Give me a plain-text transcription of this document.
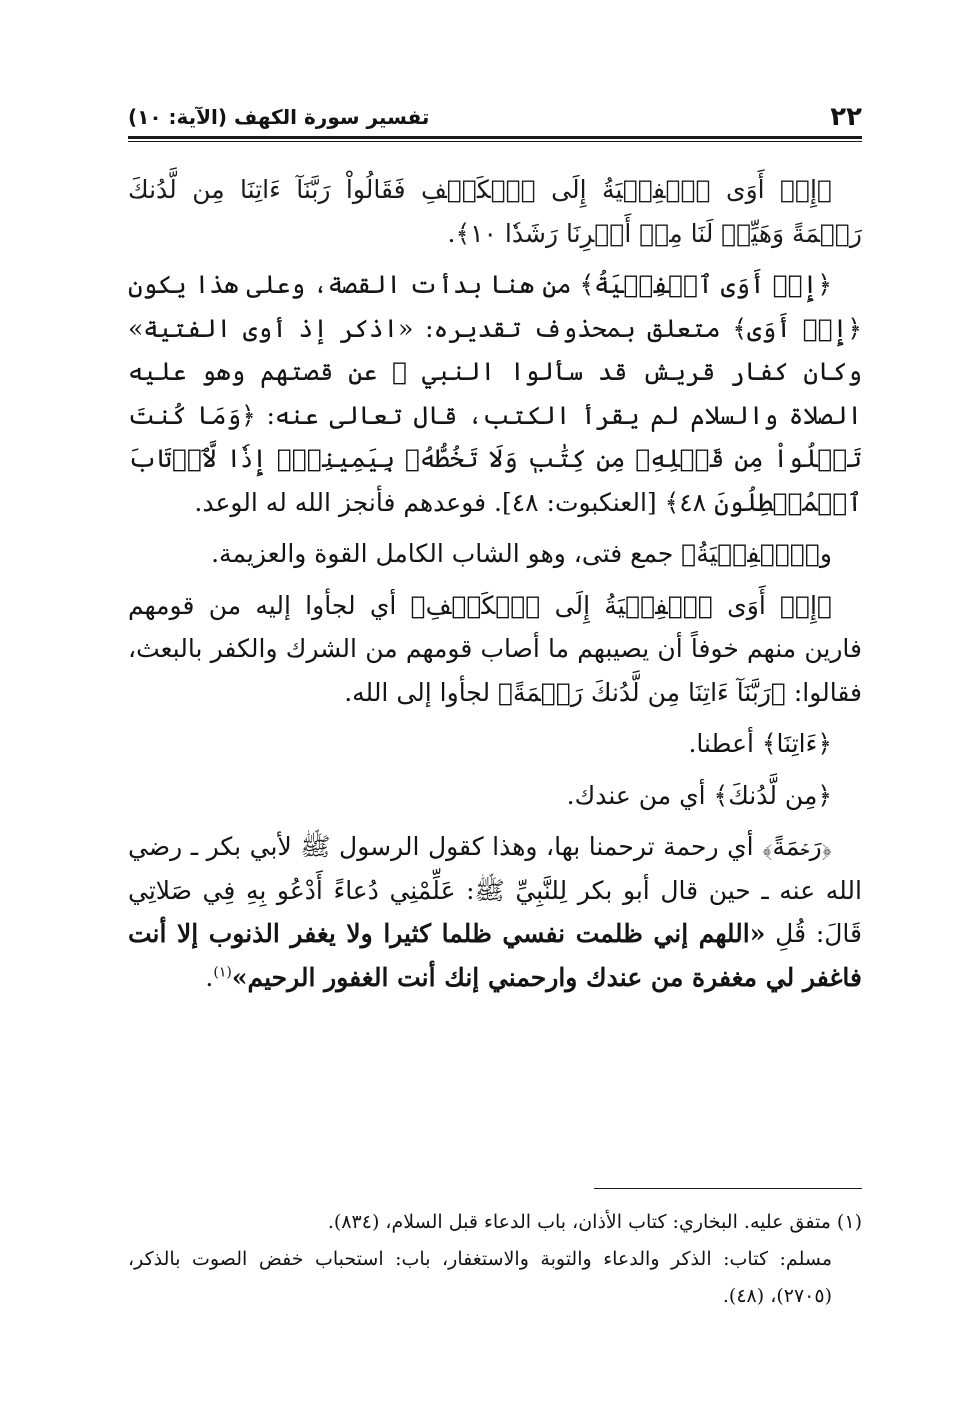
٢٢
تفسير سورة الكهف (الآية: ١٠)

﴿إِذۡ أَوَى ٱلۡفِتۡيَةُ إِلَى ٱلۡكَهۡفِ فَقَالُواْ رَبَّنَآ ءَاتِنَا مِن لَّدُنكَ رَحۡمَةً وَهَيِّئۡ لَنَا مِنۡ أَمۡرِنَا رَشَدٗا ١٠﴾.

﴿إِذۡ أَوَى ٱلۡفِتۡيَةُ﴾ من هنا بدأت القصة، وعلى هذا يكون ﴿إِذۡ أَوَى﴾ متعلق بمحذوف تقديره: «اذكر إذ أوى الفتية» وكان كفار قريش قد سألوا النبي ﷺ عن قصتهم وهو عليه الصلاة والسلام لم يقرأ الكتب، قال تعالى عنه: ﴿وَمَا كُنتَ تَتۡلُواْ مِن قَبۡلِهِۦ مِن كِتَٰبٖ وَلَا تَخُطُّهُۥ بِيَمِينِكَۖ إِذٗا لَّٱرۡتَابَ ٱلۡمُبۡطِلُونَ ٤٨﴾ [العنكبوت: ٤٨]. فوعدهم فأنجز الله له الوعد.

و﴿ٱلۡفِتۡيَةُ﴾ جمع فتى، وهو الشاب الكامل القوة والعزيمة.

﴿إِذۡ أَوَى ٱلۡفِتۡيَةُ إِلَى ٱلۡكَهۡفِ﴾ أي لجأوا إليه من قومهم فارين منهم خوفاً أن يصيبهم ما أصاب قومهم من الشرك والكفر بالبعث، فقالوا: ﴿رَبَّنَآ ءَاتِنَا مِن لَّدُنكَ رَحۡمَةً﴾ لجأوا إلى الله.

﴿ءَاتِنَا﴾ أعطنا.

﴿مِن لَّدُنكَ﴾ أي من عندك.

﴿رَحۡمَةً﴾ أي رحمة ترحمنا بها، وهذا كقول الرسول ﷺ لأبي بكر ـ رضي الله عنه ـ حين قال أبو بكر لِلنَّبِيِّ ﷺ: عَلِّمْنِي دُعاءً أَدْعُو بِهِ فِي صَلاتِي قَالَ: قُلِ «اللهم إني ظلمت نفسي ظلما كثيرا ولا يغفر الذنوب إلا أنت فاغفر لي مغفرة من عندك وارحمني إنك أنت الغفور الرحيم»$^{(١)}$.

(١) متفق عليه. البخاري: كتاب الأذان، باب الدعاء قبل السلام، (٨٣٤).

مسلم: كتاب: الذكر والدعاء والتوبة والاستغفار، باب: استحباب خفض الصوت بالذكر، (٢٧٠٥)، (٤٨).
